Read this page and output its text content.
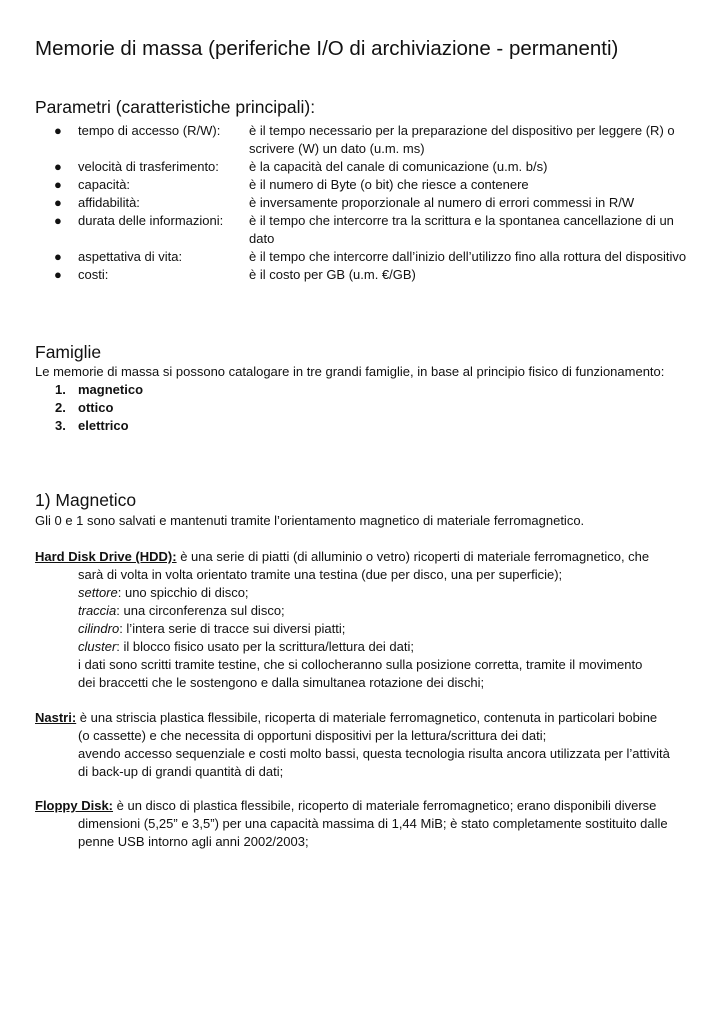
Memorie di massa (periferiche I/O di archiviazione - permanenti)
Parametri (caratteristiche principali):
●	tempo di accesso (R/W): è il tempo necessario per la preparazione del dispositivo per leggere (R) o scrivere (W) un dato (u.m. ms)
●	velocità di trasferimento: è la capacità del canale di comunicazione (u.m. b/s)
●	capacità:	è il numero di Byte (o bit) che riesce a contenere
●	affidabilità:	è inversamente proporzionale al numero di errori commessi in R/W
●	durata delle informazioni: è il tempo che intercorre tra la scrittura e la spontanea cancellazione di un dato
●	aspettativa di vita:	è il tempo che intercorre dall’inizio dell’utilizzo fino alla rottura del dispositivo
●	costi:	è il costo per GB (u.m. €/GB)
Famiglie

Le memorie di massa si possono catalogare in tre grandi famiglie, in base al principio fisico di funzionamento:

1. magnetico
2. ottico
3. elettrico
1) Magnetico

Gli 0 e 1 sono salvati e mantenuti tramite l’orientamento magnetico di materiale ferromagnetico.

Hard Disk Drive (HDD): è una serie di piatti (di alluminio o vetro) ricoperti di materiale ferromagnetico, che
sarà di volta in volta orientato tramite una testina (due per disco, una per superficie);
settore: uno spicchio di disco;
traccia: una circonferenza sul disco;
cilindro: l’intera serie di tracce sui diversi piatti;
cluster: il blocco fisico usato per la scrittura/lettura dei dati;
i dati sono scritti tramite testine, che si collocheranno sulla posizione corretta, tramite il movimento
dei braccetti che le sostengono e dalla simultanea rotazione dei dischi;
Nastri: è una striscia plastica flessibile, ricoperta di materiale ferromagnetico, contenuta in particolari bobine
(o cassette) e che necessita di opportuni dispositivi per la lettura/scrittura dei dati;
avendo accesso sequenziale e costi molto bassi, questa tecnologia risulta ancora utilizzata per l’attività
di back-up di grandi quantità di dati;
Floppy Disk: è un disco di plastica flessibile, ricoperto di materiale ferromagnetico; erano disponibili diverse
dimensioni (5,25” e 3,5”) per una capacità massima di 1,44 MiB; è stato completamente sostituito dalle
penne USB intorno agli anni 2002/2003;
